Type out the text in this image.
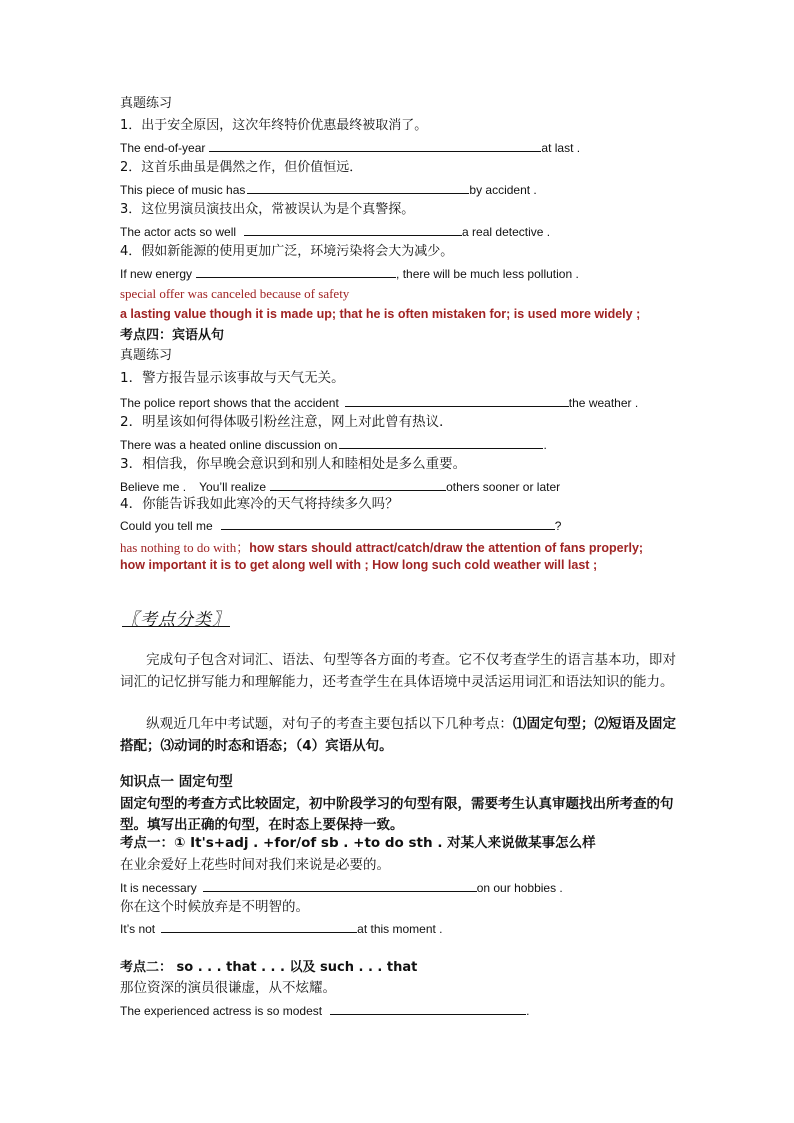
真题练习
1．出于安全原因，这次年终特价优惠最终被取消了。
The end-of-year	at last .
2．这首乐曲虽是偶然之作，但价值恒远．
This piece of music has	by accident .
3．这位男演员演技出众，常被误认为是个真警探。
The actor acts so well	a real detective .
4．假如新能源的使用更加广泛，环境污染将会大为减少。
If new energy	, there will be much less pollution .
special offer was canceled because of safety
a lasting value though it is made up; that he is often mistaken for; is used more widely ;
考点四：宾语从句
真题练习
1．警方报告显示该事故与天气无关。
The police report shows that the accident	the weather .
2．明星该如何得体吸引粉丝注意，网上对此曾有热议．
There was a heated online discussion on	.
3．相信我，你早晚会意识到和别人和睦相处是多么重要。
Believe me .    You’ll realize	others sooner or later
4．你能告诉我如此寒冷的天气将持续多久吗？
Could you tell me	?
has nothing to do with；how stars should attract/catch/draw the attention of fans properly;
how important it is to get along well with ; How long such cold weather will last ;
〖考点分类〗
完成句子包含对词汇、语法、句型等各方面的考查。它不仅考查学生的语言基本功，即对词汇的记忆拼写能力和理解能力，还考查学生在具体语境中灵活运用词汇和语法知识的能力。
纵观近几年中考试题，对句子的考查主要包括以下几种考点：⑴固定句型；⑵短语及固定搭配；⑶动词的时态和语态；（4）宾语从句。
知识点一 固定句型
固定句型的考查方式比较固定，初中阶段学习的句型有限，需要考生认真审题找出所考查的句型。填写出正确的句型，在时态上要保持一致。
考点一：① It's+adj . +for/of sb . +to do sth . 对某人来说做某事怎么样
在业余爱好上花些时间对我们来说是必要的。
It is necessary	on our hobbies .
你在这个时候放弃是不明智的。
It’s not	at this moment .
考点二： so . . . that . . . 以及 such . . . that
那位资深的演员很谦虚，从不炫耀。
The experienced actress is so modest	.
